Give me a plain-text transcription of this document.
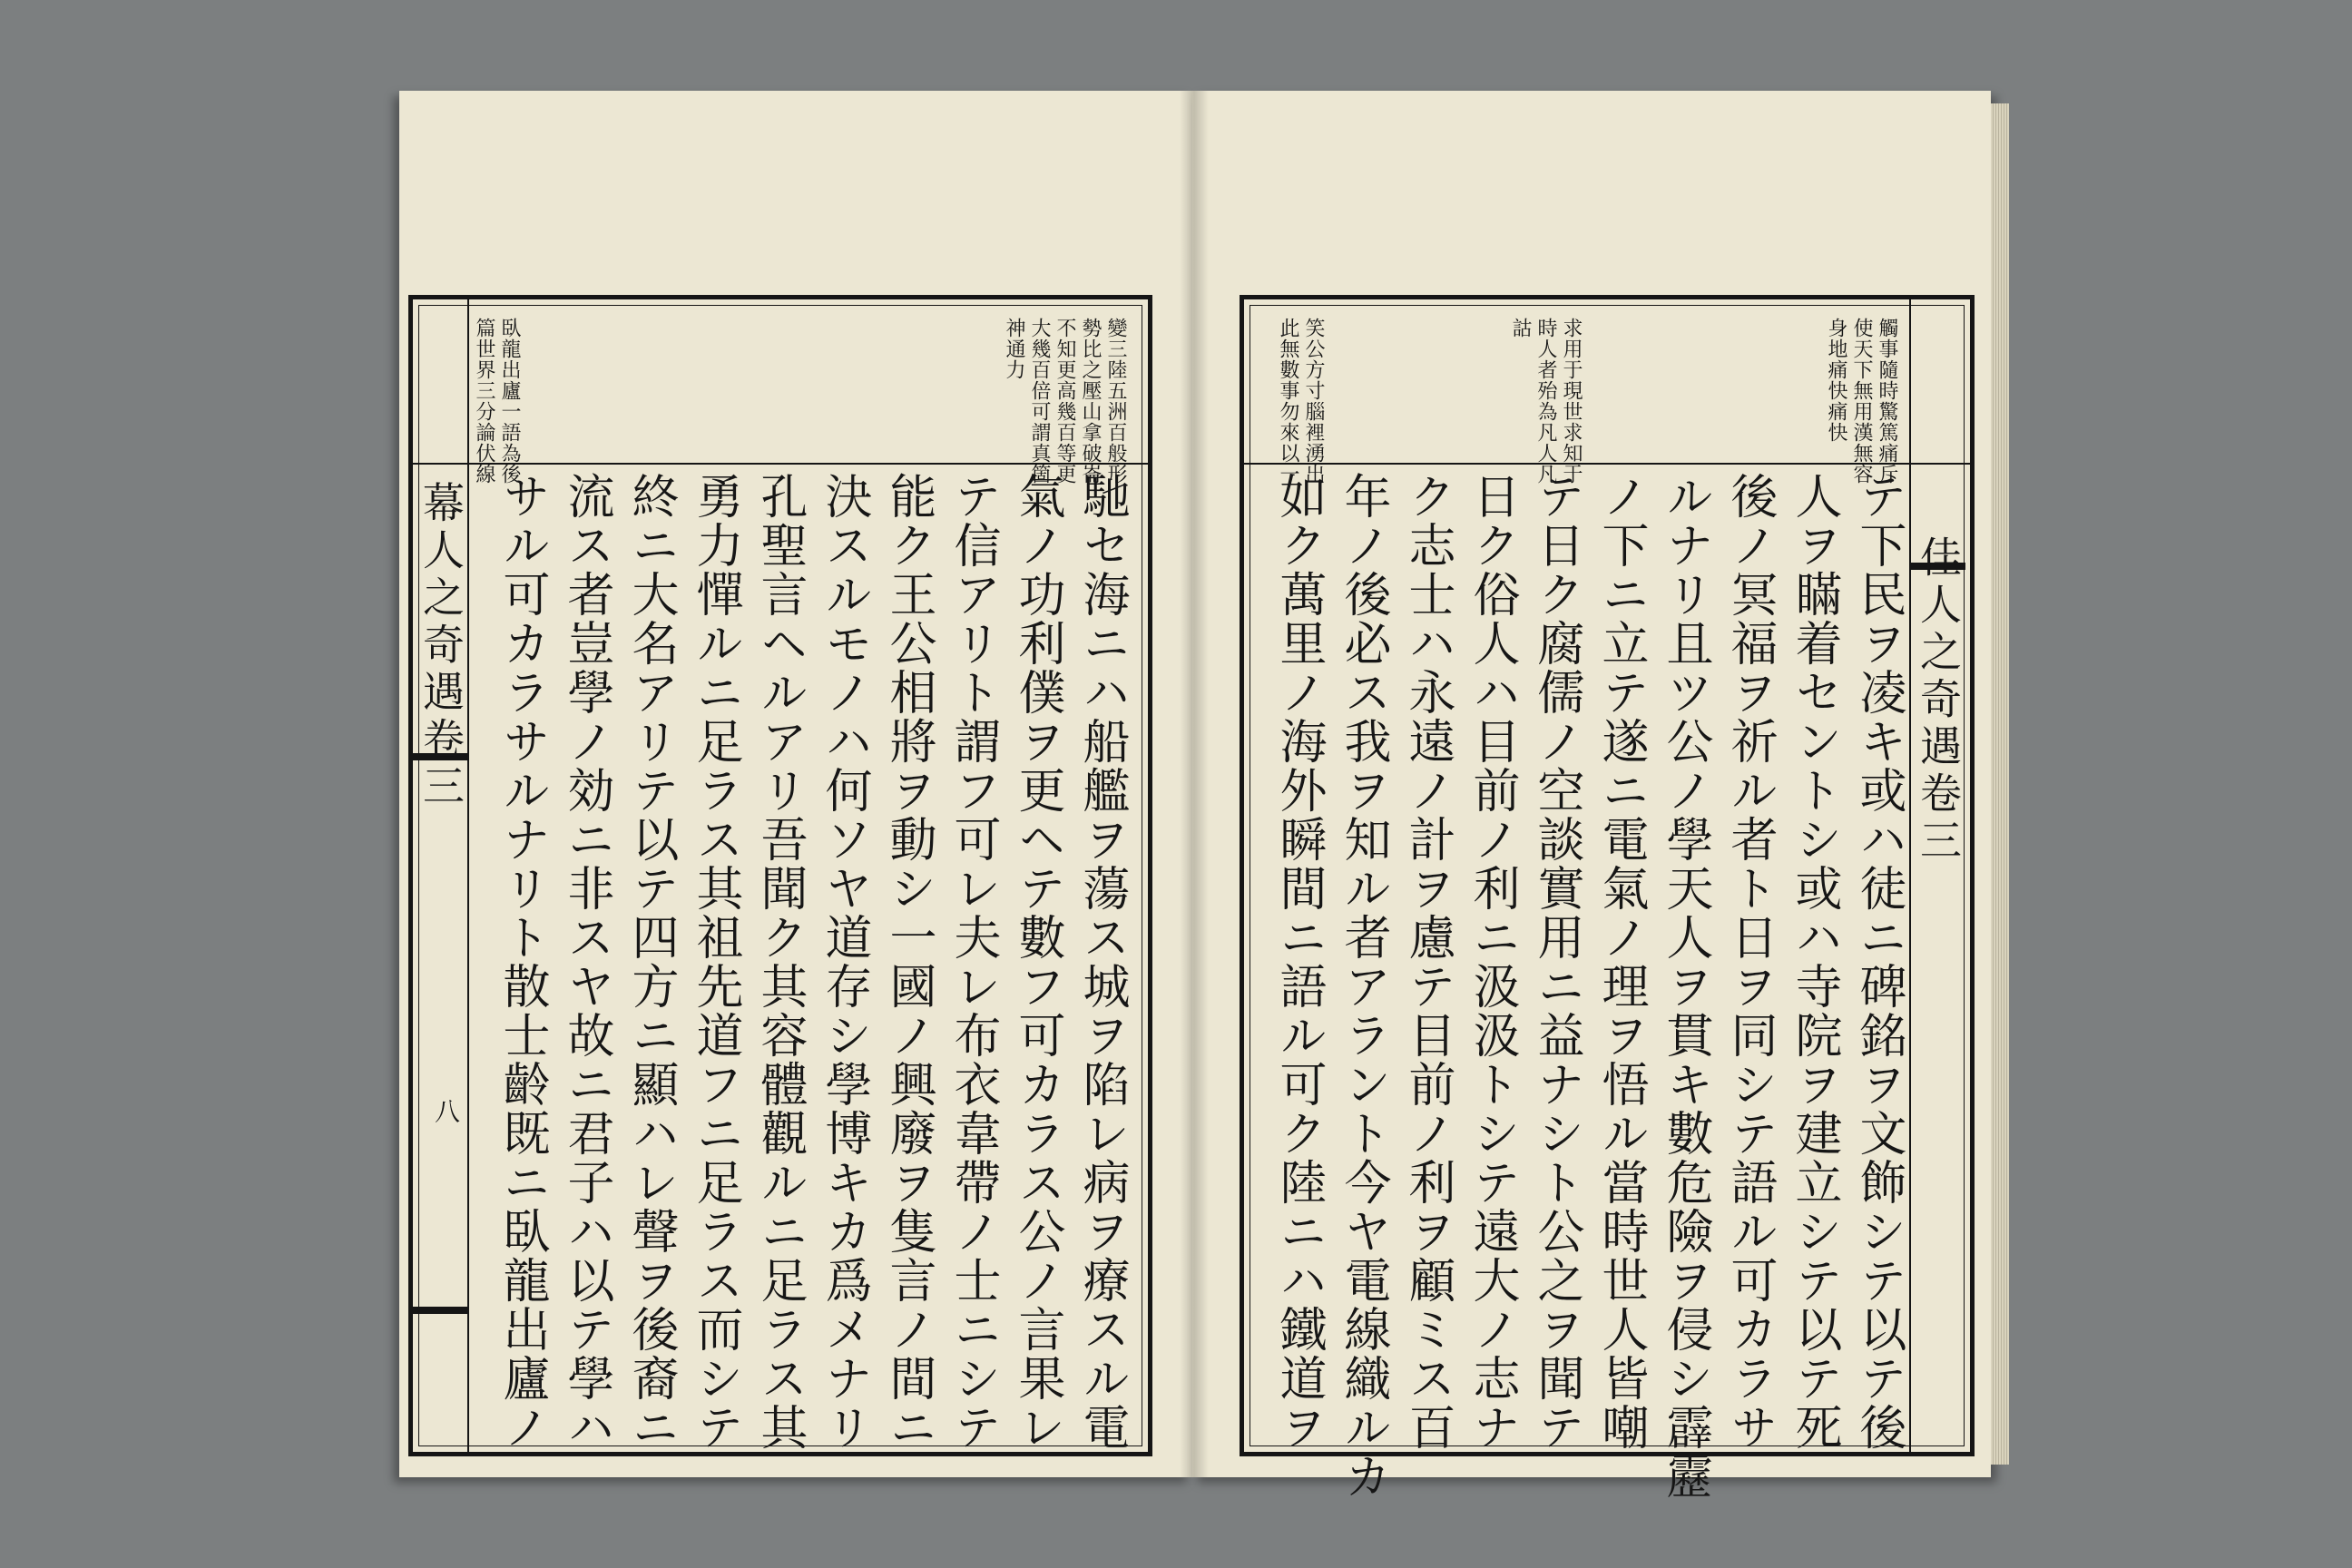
幕人之奇遇卷三
八
變三陸五洲百般形
勢比之壓山拿破崙
不知更高幾百等更
大幾百倍可謂真箇
神通力
臥龍出廬一語為後
篇世界三分論伏線
馳セ海ニハ船艦ヲ蕩ス城ヲ陷レ病ヲ療スル電
氣ノ功利僕ヲ更ヘテ數フ可カラス公ノ言果レ
テ信アリト謂フ可レ夫レ布衣韋帶ノ士ニシテ
能ク王公相將ヲ動シ一國ノ興廢ヲ隻言ノ間ニ
決スルモノハ何ソヤ道存シ學博キカ爲メナリ
孔聖言ヘルアリ吾聞ク其容體觀ルニ足ラス其
勇力憚ルニ足ラス其祖先道フニ足ラス而シテ
終ニ大名アリテ以テ四方ニ顯ハレ聲ヲ後裔ニ
流ス者豈學ノ効ニ非スヤ故ニ君子ハ以テ學ハ
サル可カラサルナリト散士齡既ニ臥龍出廬ノ	佳人之奇遇卷三
觸事隨時驚篤痛斥
使天下無用漢無容
身地痛快痛快
求用于現世求知于
時人者殆為凡人凡
詁
笑公方寸腦裡湧出
此無數事勿來以一
テ下民ヲ凌キ或ハ徒ニ碑銘ヲ文飾シテ以テ後
人ヲ瞞着セントシ或ハ寺院ヲ建立シテ以テ死
後ノ冥福ヲ祈ル者ト日ヲ同シテ語ル可カラサ
ルナリ且ツ公ノ學天人ヲ貫キ數危險ヲ侵シ霹靂
ノ下ニ立テ遂ニ電氣ノ理ヲ悟ル當時世人皆嘲
テ日ク腐儒ノ空談實用ニ益ナシト公之ヲ聞テ
日ク俗人ハ目前ノ利ニ汲汲トシテ遠大ノ志ナ
ク志士ハ永遠ノ計ヲ慮テ目前ノ利ヲ顧ミス百
年ノ後必ス我ヲ知ル者アラント今ヤ電線織ルカ
如ク萬里ノ海外瞬間ニ語ル可ク陸ニハ鐵道ヲ
